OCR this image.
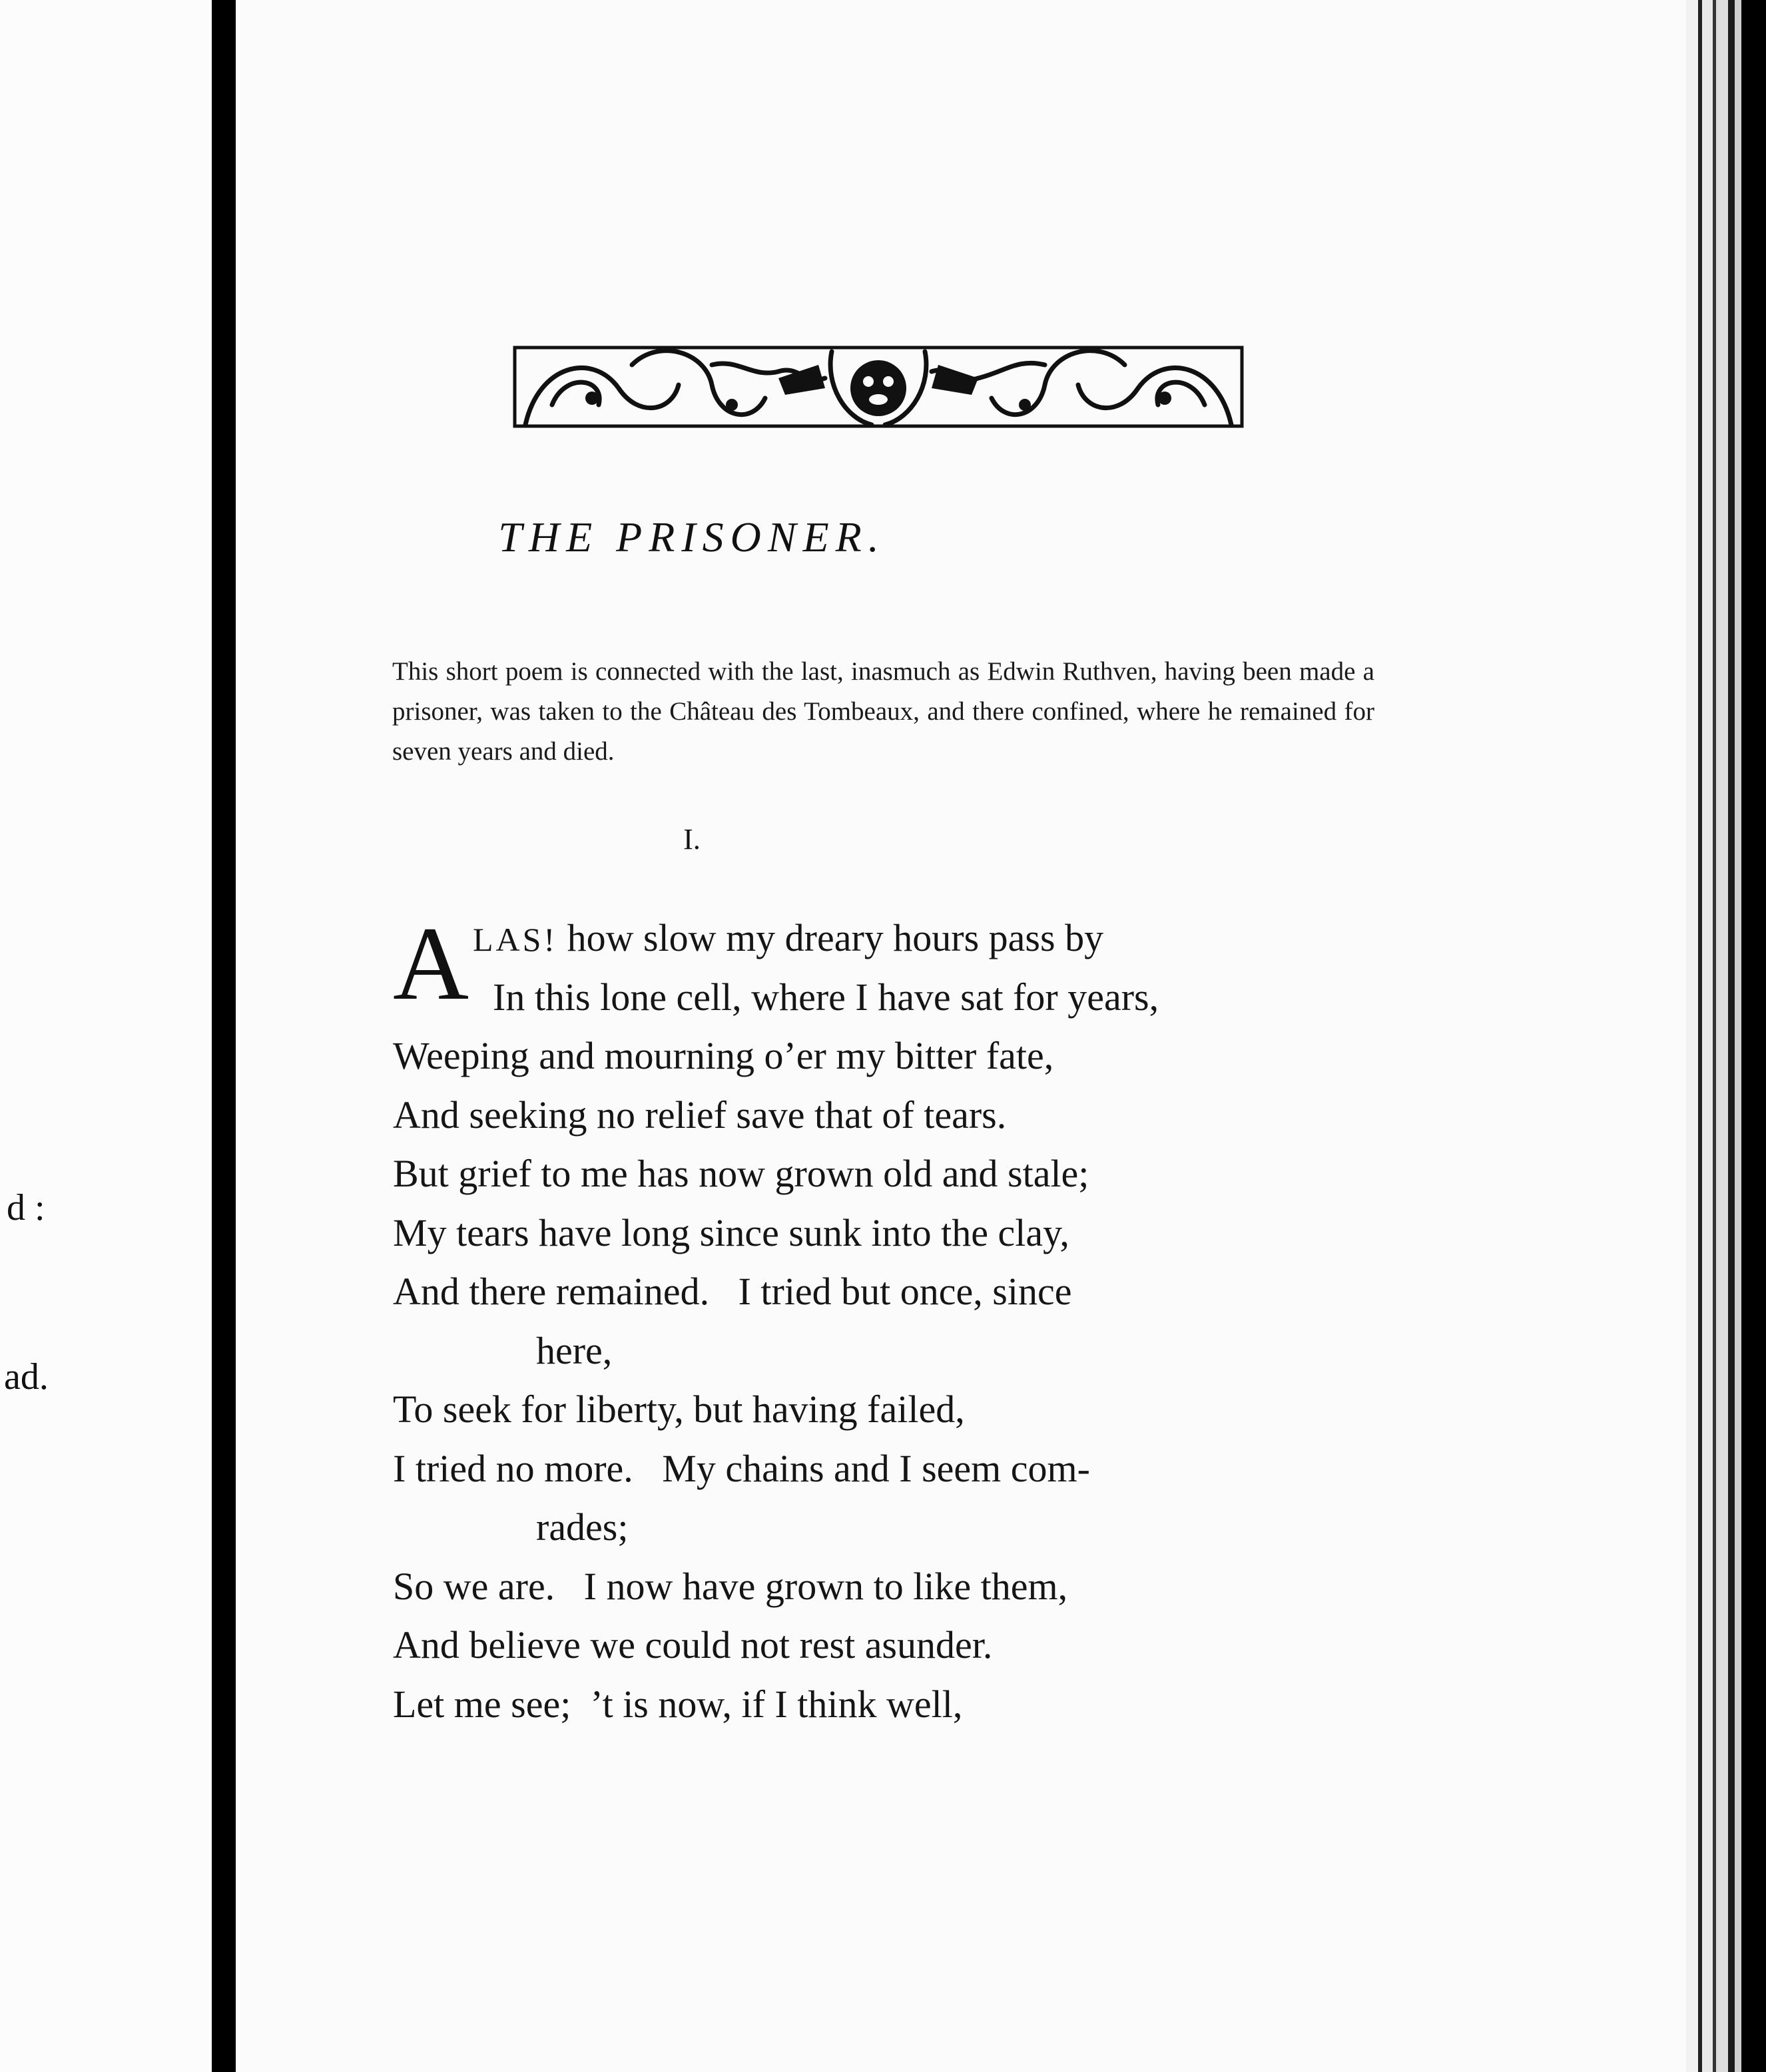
d :
ad.
THE PRISONER.

This short poem is connected with the last, inasmuch as Edwin Ruthven, having been made a prisoner, was taken to the Château des Tombeaux, and there confined, where he remained for seven years and died.

I.
A LAS! how slow my dreary hours pass by
In this lone cell, where I have sat for years,
Weeping and mourning o’er my bitter fate,
And seeking no relief save that of tears.
But grief to me has now grown old and stale;
My tears have long since sunk into the clay,
And there remained.   I tried but once, since
here,
To seek for liberty, but having failed,
I tried no more.   My chains and I seem com-
rades;
So we are.   I now have grown to like them,
And believe we could not rest asunder.
Let me see;  ’t is now, if I think well,
